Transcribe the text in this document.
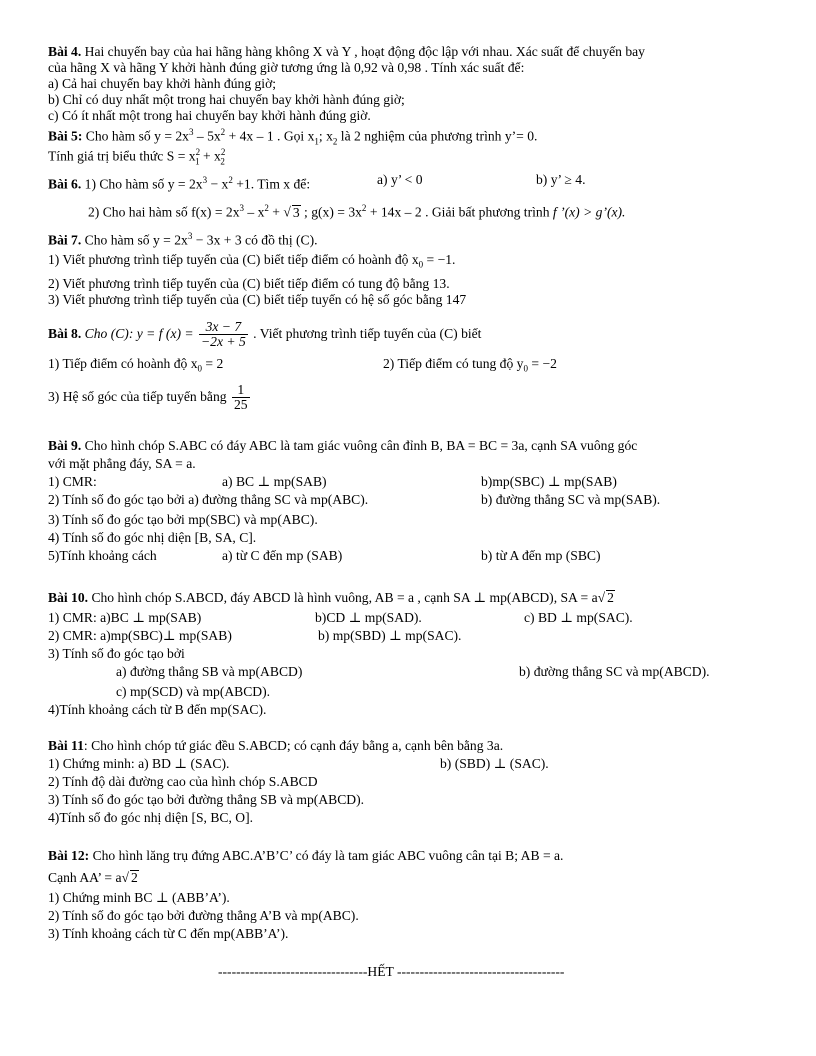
Bài 4. Hai chuyến bay của hai hãng hàng không X và Y , hoạt động độc lập với nhau. Xác suất để chuyến bay
của hãng X và hãng Y khởi hành đúng giờ tương ứng là 0,92 và 0,98 . Tính xác suất để:
a) Cả hai chuyến bay khởi hành đúng giờ;
b) Chỉ có duy nhất một trong hai chuyến bay khởi hành đúng giờ;
c) Có ít nhất một trong hai chuyến bay khởi hành đúng giờ.
Bài 5: Cho hàm số $y = 2x^3 - 5x^2 + 4x - 1$ . Gọi $x_1$; $x_2$ là 2 nghiệm của phương trình y’= 0.
Tính giá trị biểu thức $S = x^2_1 + x^2_2$
Bài 6. 1) Cho hàm số $y = 2x^3 - x^2 +1$. Tìm x để:	a) y’ < 0	b) y’ ≥ 4.
2) Cho hai hàm số $f(x) = 2x^3 - x^2$ + √ 3 ; $g(x) = 3x^2 + 14x - 2$ . Giải bất phương trình f ’(x) > g’(x).
Bài 7. Cho hàm số $y = 2x^3 - 3x + 3$ có đồ thị (C).
1) Viết phương trình tiếp tuyến của (C) biết tiếp điểm có hoành độ $x_0 = -1$.
2) Viết phương trình tiếp tuyến của (C) biết tiếp điểm có tung độ bằng 13.
3) Viết phương trình tiếp tuyến của (C) biết tiếp tuyến có hệ số góc bằng 147
Bài 8. Cho (C): y = f $(x) = \frac{3x - 7}{-2x + 5}$ . Viết phương trình tiếp tuyến của (C) biết
1) Tiếp điểm có hoành độ $x_0 = 2$	2) Tiếp điểm có tung độ $y_0 = -2$
3) Hệ số góc của tiếp tuyến bằng $\frac{1}{25}$
Bài 9. Cho hình chóp S.ABC có đáy ABC là tam giác vuông cân đỉnh B, BA = BC = 3a, cạnh SA vuông góc
với mặt phẳng đáy, SA = a.
1) CMR:	a) BC ⊥ mp(SAB)	b)mp(SBC) ⊥ mp(SAB)
2) Tính số đo góc tạo bởi a) đường thẳng SC và mp(ABC).	b) đường thẳng SC và mp(SAB).
3) Tính số đo góc tạo bởi mp(SBC) và mp(ABC).
4) Tính số đo góc nhị diện [B, SA, C].
5)Tính khoảng cách	a) từ C đến mp (SAB)	b) từ A đến mp (SBC)
Bài 10. Cho hình chóp S.ABCD, đáy ABCD là hình vuông, AB = a , cạnh SA ⊥ mp(ABCD), SA = a√ 2
1) CMR: a)BC ⊥ mp(SAB)	b)CD ⊥ mp(SAD).	c) BD ⊥ mp(SAC).
2) CMR: a)mp(SBC)⊥ mp(SAB)	b) mp(SBD) ⊥ mp(SAC).
3) Tính số đo góc tạo bởi
a) đường thẳng SB và mp(ABCD)	b) đường thẳng SC và mp(ABCD).
c) mp(SCD) và mp(ABCD).
4)Tính khoảng cách từ B đến mp(SAC).
Bài 11: Cho hình chóp tứ giác đều S.ABCD; có cạnh đáy bằng a, cạnh bên bằng 3a.
1) Chứng minh: a) BD ⊥ (SAC).	b) (SBD) ⊥ (SAC).
2) Tính độ dài đường cao của hình chóp S.ABCD
3) Tính số đo góc tạo bởi đường thẳng SB và mp(ABCD).
4)Tính số đo góc nhị diện [S, BC, O].
Bài 12: Cho hình lăng trụ đứng ABC.A’B’C’ có đáy là tam giác ABC vuông cân tại B; AB = a.
Cạnh AA’ = a√ 2
1) Chứng minh BC ⊥ (ABB’A’).
2) Tính số đo góc tạo bởi đường thẳng A’B và mp(ABC).
3) Tính khoảng cách từ C đến mp(ABB’A’).
---------------------------------HẾT -------------------------------------
